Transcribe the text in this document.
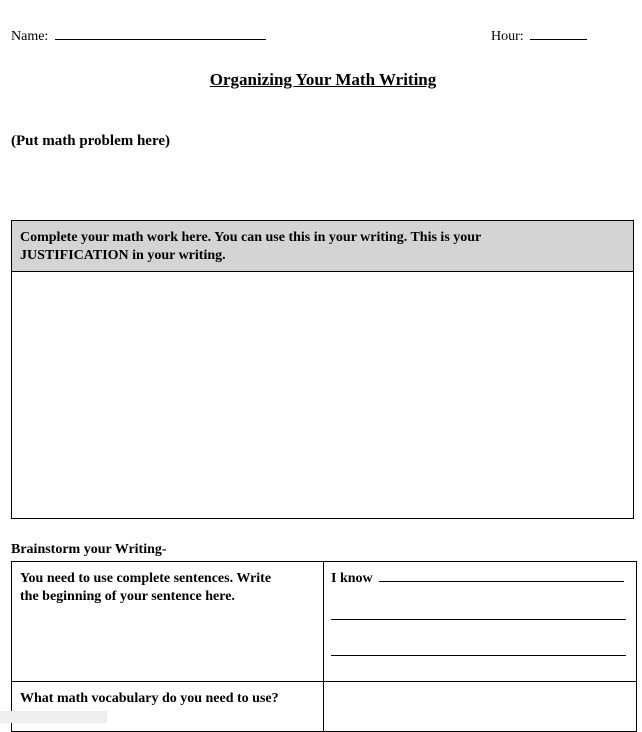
Name:	Hour:
Organizing Your Math Writing
(Put math problem here)
Complete your math work here. You can use this in your writing. This is your
JUSTIFICATION in your writing.
Brainstorm your Writing-
You need to use complete sentences. Write
the beginning of your sentence here.	I know

What math vocabulary do you need to use?	
